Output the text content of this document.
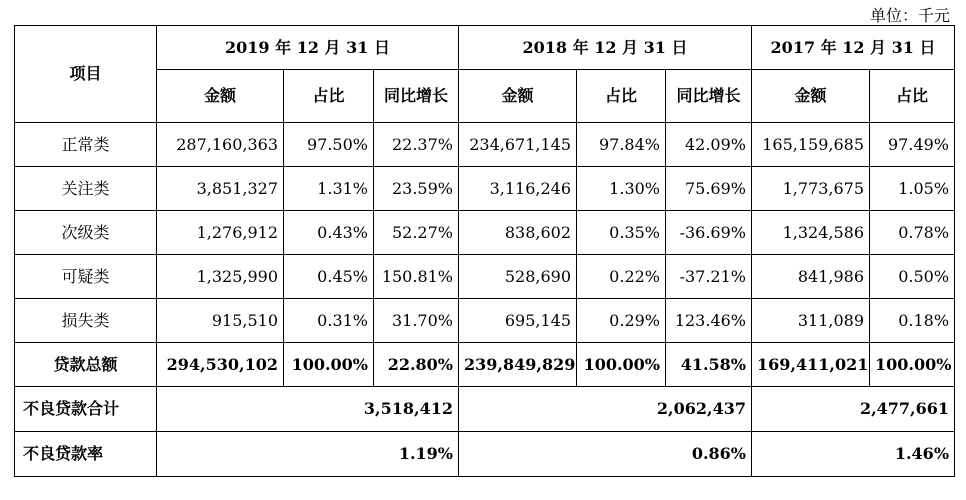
单位：千元
项目	2019 年 12 月 31 日			2018 年 12 月 31 日			2017 年 12 月 31 日	
	金额	占比	同比增长	金额	占比	同比增长	金额	占比
正常类	287,160,363	97.50%	22.37%	234,671,145	97.84%	42.09%	165,159,685	97.49%
关注类	3,851,327	1.31%	23.59%	3,116,246	1.30%	75.69%	1,773,675	1.05%
次级类	1,276,912	0.43%	52.27%	838,602	0.35%	-36.69%	1,324,586	0.78%
可疑类	1,325,990	0.45%	150.81%	528,690	0.22%	-37.21%	841,986	0.50%
损失类	915,510	0.31%	31.70%	695,145	0.29%	123.46%	311,089	0.18%
贷款总额	294,530,102	100.00%	22.80%	239,849,829	100.00%	41.58%	169,411,021	100.00%
不良贷款合计	3,518,412			2,062,437			2,477,661	
不良贷款率	1.19%			0.86%			1.46%	
